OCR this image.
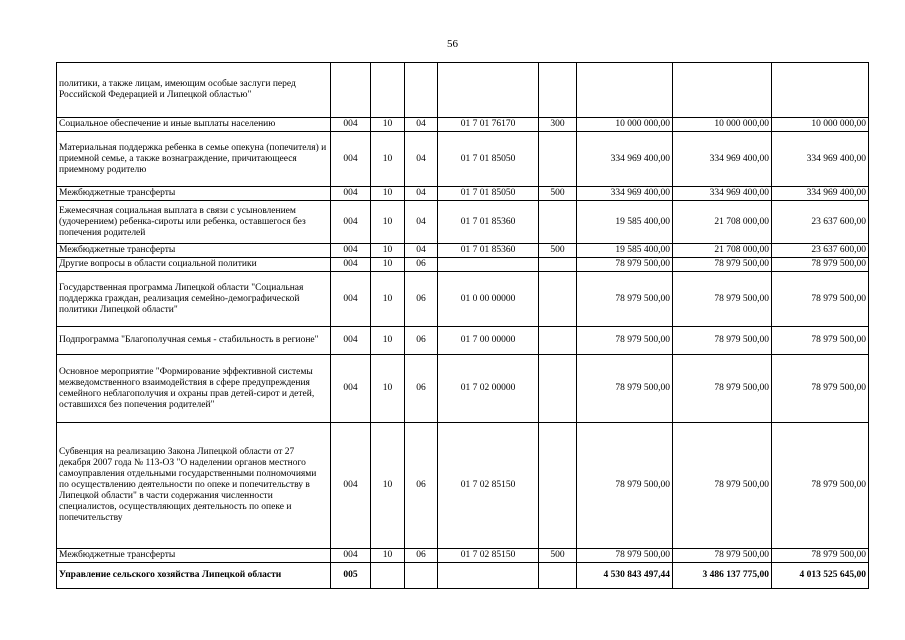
56
политики, а также лицам, имеющим особые заслуги перед Российской Федерацией и Липецкой областью"								
Социальное обеспечение и иные выплаты населению	004	10	04	01 7 01 76170	300	10 000 000,00	10 000 000,00	10 000 000,00
Материальная поддержка ребенка в семье опекуна (попечителя) и приемной семье, а также вознаграждение, причитающееся приемному родителю	004	10	04	01 7 01 85050		334 969 400,00	334 969 400,00	334 969 400,00
Межбюджетные трансферты	004	10	04	01 7 01 85050	500	334 969 400,00	334 969 400,00	334 969 400,00
Ежемесячная социальная выплата в связи с усыновлением (удочерением) ребенка-сироты или ребенка, оставшегося без попечения родителей	004	10	04	01 7 01 85360		19 585 400,00	21 708 000,00	23 637 600,00
Межбюджетные трансферты	004	10	04	01 7 01 85360	500	19 585 400,00	21 708 000,00	23 637 600,00
Другие вопросы в области социальной политики	004	10	06			78 979 500,00	78 979 500,00	78 979 500,00
Государственная программа Липецкой области "Социальная поддержка граждан, реализация семейно-демографической политики Липецкой области"	004	10	06	01 0 00 00000		78 979 500,00	78 979 500,00	78 979 500,00
Подпрограмма "Благополучная семья - стабильность в регионе"	004	10	06	01 7 00 00000		78 979 500,00	78 979 500,00	78 979 500,00
Основное мероприятие "Формирование эффективной системы межведомственного взаимодействия в сфере предупреждения семейного неблагополучия и охраны прав детей-сирот и детей, оставшихся без попечения родителей"	004	10	06	01 7 02 00000		78 979 500,00	78 979 500,00	78 979 500,00
Субвенция на реализацию Закона Липецкой области от 27 декабря 2007 года № 113-ОЗ "О наделении органов местного самоуправления отдельными государственными полномочиями по осуществлению деятельности по опеке и попечительству в Липецкой области" в части содержания численности специалистов, осуществляющих деятельность по опеке и попечительству	004	10	06	01 7 02 85150		78 979 500,00	78 979 500,00	78 979 500,00
Межбюджетные трансферты	004	10	06	01 7 02 85150	500	78 979 500,00	78 979 500,00	78 979 500,00
Управление сельского хозяйства Липецкой области	005					4 530 843 497,44	3 486 137 775,00	4 013 525 645,00
